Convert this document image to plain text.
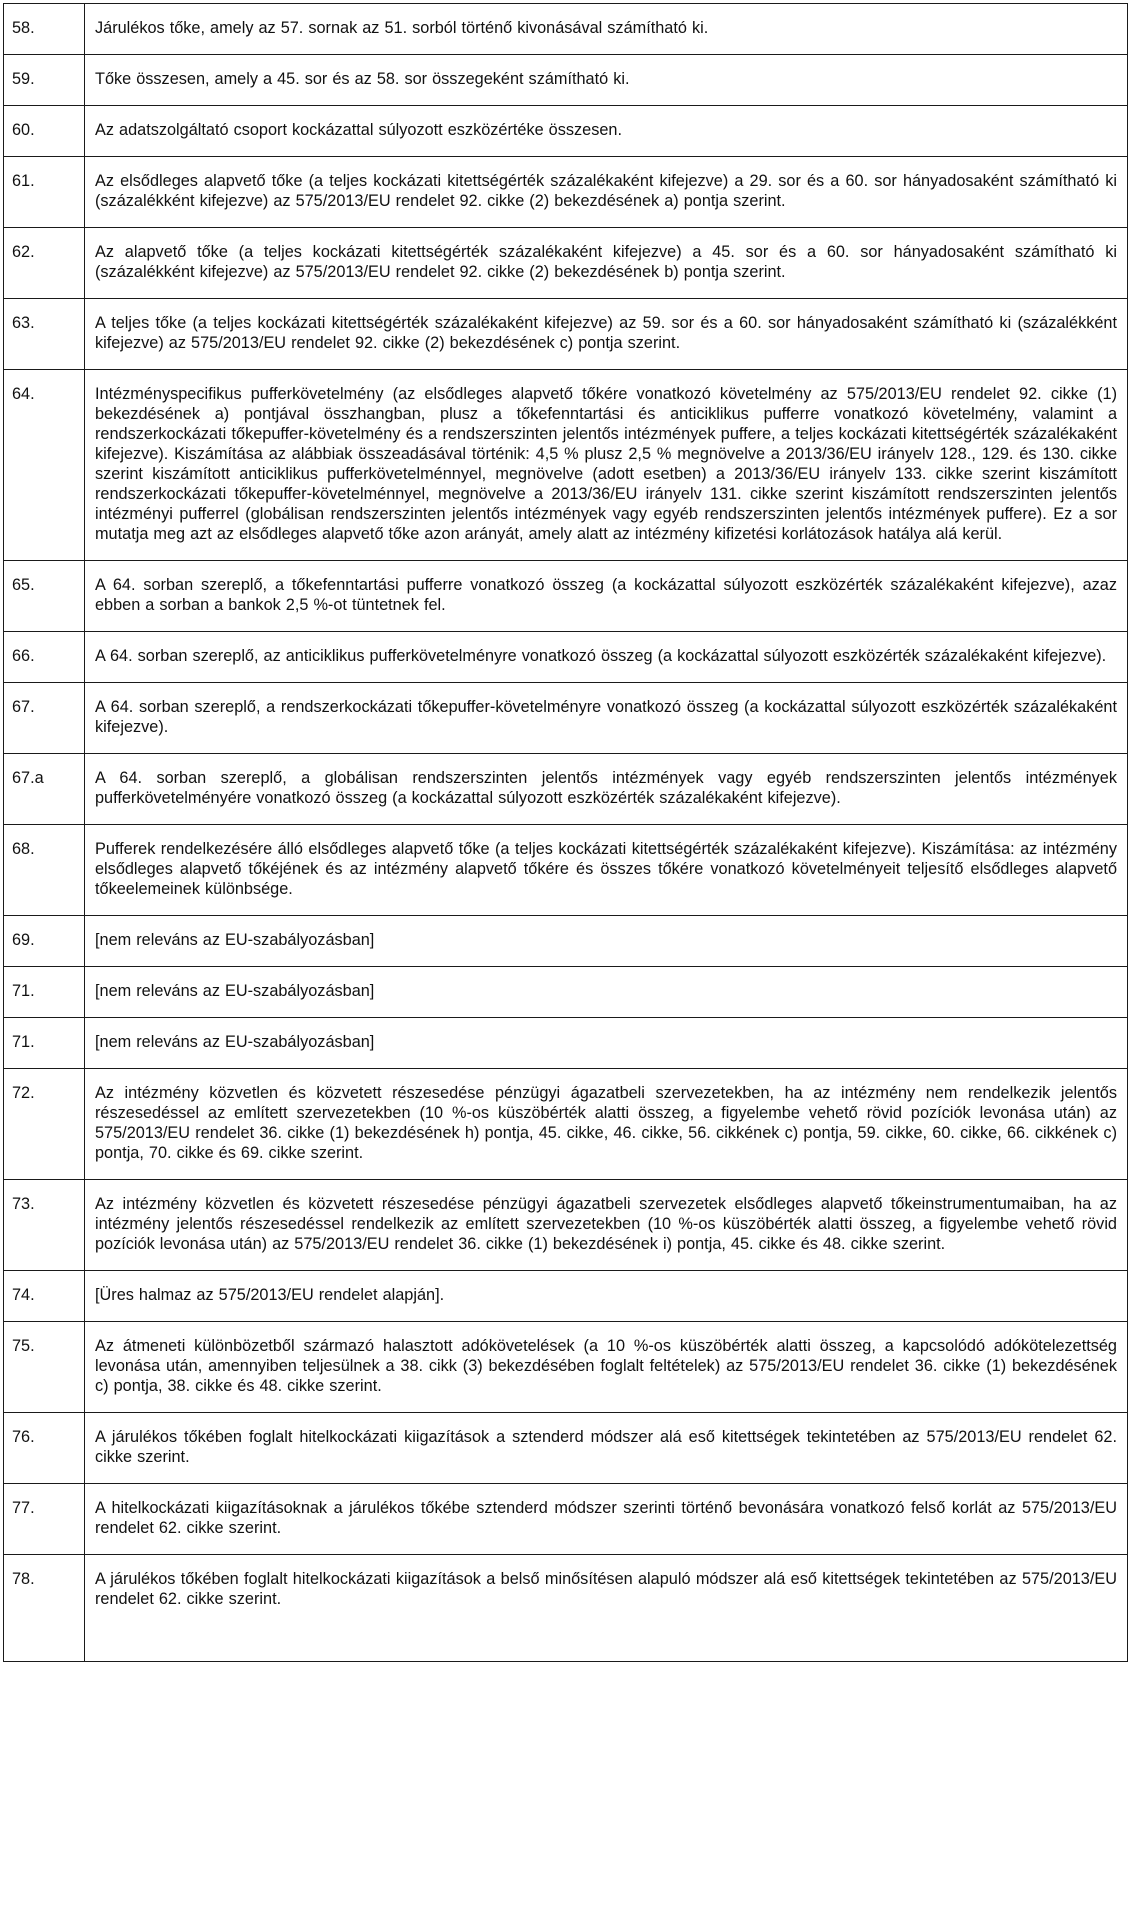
58.	Járulékos tőke, amely az 57. sornak az 51. sorból történő kivonásával számítható ki.
59.	Tőke összesen, amely a 45. sor és az 58. sor összegeként számítható ki.
60.	Az adatszolgáltató csoport kockázattal súlyozott eszközértéke összesen.
61.	Az elsődleges alapvető tőke (a teljes kockázati kitettségérték százalékaként kifejezve) a 29. sor és a 60. sor hányadosaként számítható ki (százalékként kifejezve) az 575/2013/EU rendelet 92. cikke (2) bekezdésének a) pontja szerint.
62.	Az alapvető tőke (a teljes kockázati kitettségérték százalékaként kifejezve) a 45. sor és a 60. sor hányadosaként számítható ki (százalékként kifejezve) az 575/2013/EU rendelet 92. cikke (2) bekezdésének b) pontja szerint.
63.	A teljes tőke (a teljes kockázati kitettségérték százalékaként kifejezve) az 59. sor és a 60. sor hányadosaként számítható ki (százalékként kifejezve) az 575/2013/EU rendelet 92. cikke (2) bekezdésének c) pontja szerint.
64.	Intézményspecifikus pufferkövetelmény (az elsődleges alapvető tőkére vonatkozó követelmény az 575/2013/EU rendelet 92. cikke (1) bekezdésének a) pontjával összhangban, plusz a tőkefenntartási és anticiklikus pufferre vonatkozó követelmény, valamint a rendszerkockázati tőkepuffer-követelmény és a rendszerszinten jelentős intézmények puffere, a teljes kockázati kitettségérték százalékaként kifejezve). Kiszámítása az alábbiak összeadásával történik: 4,5 % plusz 2,5 % megnövelve a 2013/36/EU irányelv 128., 129. és 130. cikke szerint kiszámított anticiklikus pufferkövetelménnyel, megnövelve (adott esetben) a 2013/36/EU irányelv 133. cikke szerint kiszámított rendszerkockázati tőkepuffer-követelménnyel, megnövelve a 2013/36/EU irányelv 131. cikke szerint kiszámított rendszerszinten jelentős intézményi pufferrel (globálisan rendszerszinten jelentős intézmények vagy egyéb rendszerszinten jelentős intézmények puffere). Ez a sor mutatja meg azt az elsődleges alapvető tőke azon arányát, amely alatt az intézmény kifizetési korlátozások hatálya alá kerül.
65.	A 64. sorban szereplő, a tőkefenntartási pufferre vonatkozó összeg (a kockázattal súlyozott eszközérték százalékaként kifejezve), azaz ebben a sorban a bankok 2,5 %-ot tüntetnek fel.
66.	A 64. sorban szereplő, az anticiklikus pufferkövetelményre vonatkozó összeg (a kockázattal súlyozott eszközérték százalékaként kifejezve).
67.	A 64. sorban szereplő, a rendszerkockázati tőkepuffer-követelményre vonatkozó összeg (a kockázattal súlyozott eszközérték százalékaként kifejezve).
67.a	A 64. sorban szereplő, a globálisan rendszerszinten jelentős intézmények vagy egyéb rendszerszinten jelentős intézmények pufferkövetelményére vonatkozó összeg (a kockázattal súlyozott eszközérték százalékaként kifejezve).
68.	Pufferek rendelkezésére álló elsődleges alapvető tőke (a teljes kockázati kitettségérték százalékaként kifejezve). Kiszámítása: az intézmény elsődleges alapvető tőkéjének és az intézmény alapvető tőkére és összes tőkére vonatkozó követelményeit teljesítő elsődleges alapvető tőkeelemeinek különbsége.
69.	[nem releváns az EU-szabályozásban]
71.	[nem releváns az EU-szabályozásban]
71.	[nem releváns az EU-szabályozásban]
72.	Az intézmény közvetlen és közvetett részesedése pénzügyi ágazatbeli szervezetekben, ha az intézmény nem rendelkezik jelentős részesedéssel az említett szervezetekben (10 %-os küszöbérték alatti összeg, a figyelembe vehető rövid pozíciók levonása után) az 575/2013/EU rendelet 36. cikke (1) bekezdésének h) pontja, 45. cikke, 46. cikke, 56. cikkének c) pontja, 59. cikke, 60. cikke, 66. cikkének c) pontja, 70. cikke és 69. cikke szerint.
73.	Az intézmény közvetlen és közvetett részesedése pénzügyi ágazatbeli szervezetek elsődleges alapvető tőkeinstrumentumaiban, ha az intézmény jelentős részesedéssel rendelkezik az említett szervezetekben (10 %-os küszöbérték alatti összeg, a figyelembe vehető rövid pozíciók levonása után) az 575/2013/EU rendelet 36. cikke (1) bekezdésének i) pontja, 45. cikke és 48. cikke szerint.
74.	[Üres halmaz az 575/2013/EU rendelet alapján].
75.	Az átmeneti különbözetből származó halasztott adókövetelések (a 10 %-os küszöbérték alatti összeg, a kapcsolódó adókötelezettség levonása után, amennyiben teljesülnek a 38. cikk (3) bekezdésében foglalt feltételek) az 575/2013/EU rendelet 36. cikke (1) bekezdésének c) pontja, 38. cikke és 48. cikke szerint.
76.	A járulékos tőkében foglalt hitelkockázati kiigazítások a sztenderd módszer alá eső kitettségek tekintetében az 575/2013/EU rendelet 62. cikke szerint.
77.	A hitelkockázati kiigazításoknak a járulékos tőkébe sztenderd módszer szerinti történő bevonására vonatkozó felső korlát az 575/2013/EU rendelet 62. cikke szerint.
78.	A járulékos tőkében foglalt hitelkockázati kiigazítások a belső minősítésen alapuló módszer alá eső kitettségek tekintetében az 575/2013/EU rendelet 62. cikke szerint.
